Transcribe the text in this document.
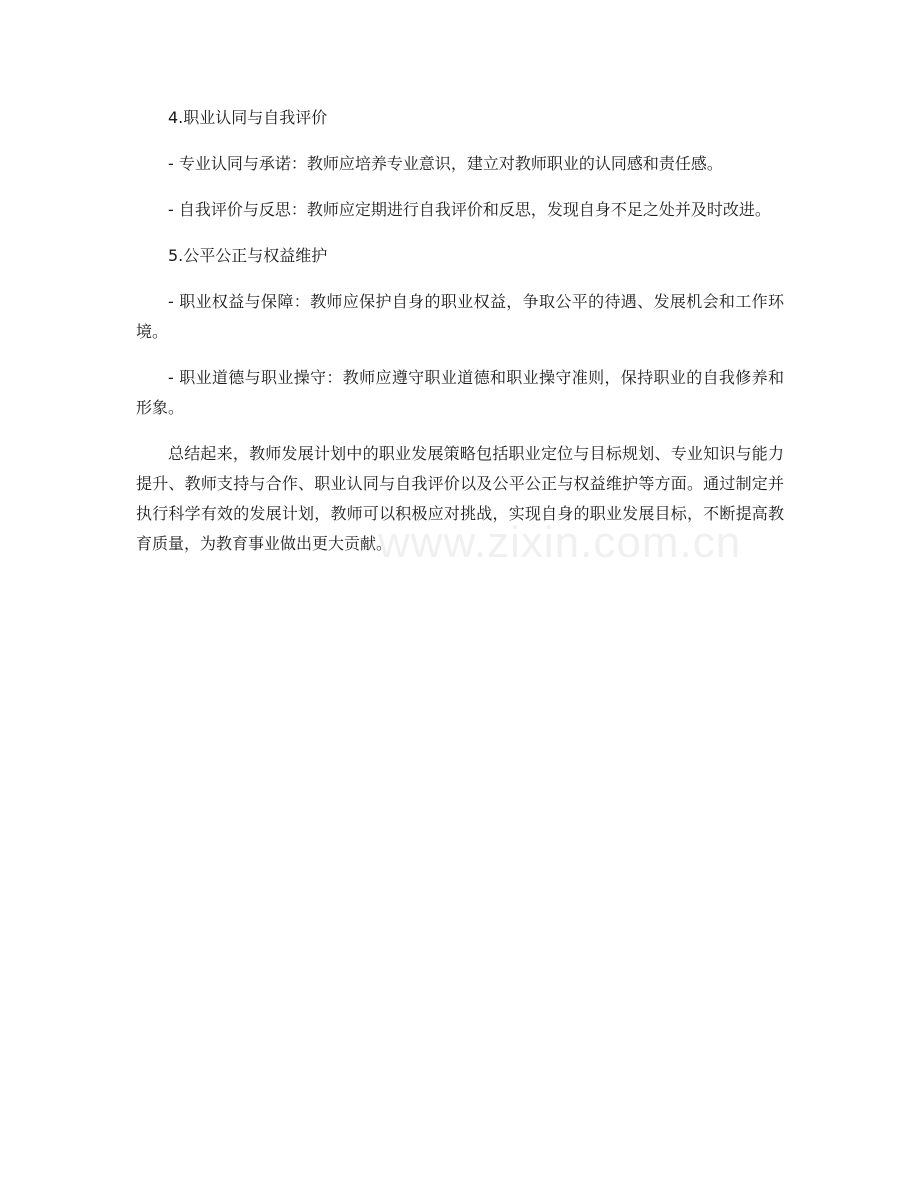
www.zixin.com.cn

4.职业认同与自我评价

- 专业认同与承诺：教师应培养专业意识，建立对教师职业的认同感和责任感。

- 自我评价与反思：教师应定期进行自我评价和反思，发现自身不足之处并及时改进。

5.公平公正与权益维护

- 职业权益与保障：教师应保护自身的职业权益，争取公平的待遇、发展机会和工作环境。

- 职业道德与职业操守：教师应遵守职业道德和职业操守准则，保持职业的自我修养和形象。

总结起来，教师发展计划中的职业发展策略包括职业定位与目标规划、专业知识与能力提升、教师支持与合作、职业认同与自我评价以及公平公正与权益维护等方面。通过制定并执行科学有效的发展计划，教师可以积极应对挑战，实现自身的职业发展目标，不断提高教育质量，为教育事业做出更大贡献。
